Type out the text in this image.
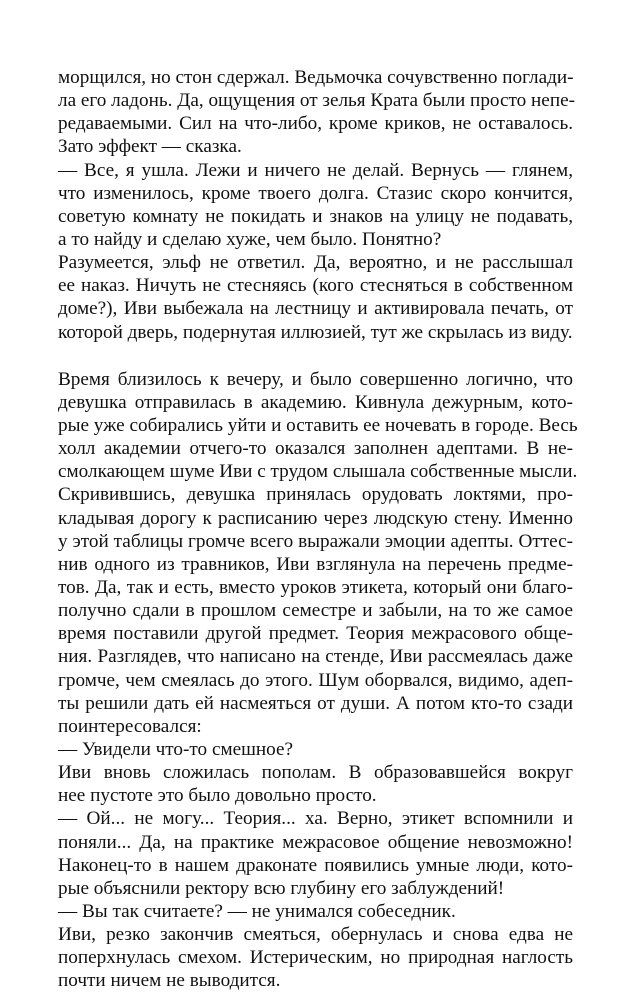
морщился, но стон сдержал. Ведьмочка сочувственно поглади-
ла его ладонь. Да, ощущения от зелья Крата были просто непе-
редаваемыми. Сил на что-либо, кроме криков, не оставалось.
Зато эффект — сказка.
— Все, я ушла. Лежи и ничего не делай. Вернусь — глянем,
что изменилось, кроме твоего долга. Стазис скоро кончится,
советую комнату не покидать и знаков на улицу не подавать,
а то найду и сделаю хуже, чем было. Понятно?
Разумеется, эльф не ответил. Да, вероятно, и не расслышал
ее наказ. Ничуть не стесняясь (кого стесняться в собственном
доме?), Иви выбежала на лестницу и активировала печать, от
которой дверь, подернутая иллюзией, тут же скрылась из виду.
Время близилось к вечеру, и было совершенно логично, что
девушка отправилась в академию. Кивнула дежурным, кото-
рые уже собирались уйти и оставить ее ночевать в городе. Весь
холл академии отчего-то оказался заполнен адептами. В не-
смолкающем шуме Иви с трудом слышала собственные мысли.
Скривившись, девушка принялась орудовать локтями, про-
кладывая дорогу к расписанию через людскую стену. Именно
у этой таблицы громче всего выражали эмоции адепты. Оттес-
нив одного из травников, Иви взглянула на перечень предме-
тов. Да, так и есть, вместо уроков этикета, который они благо-
получно сдали в прошлом семестре и забыли, на то же самое
время поставили другой предмет. Теория межрасового обще-
ния. Разглядев, что написано на стенде, Иви рассмеялась даже
громче, чем смеялась до этого. Шум оборвался, видимо, адеп-
ты решили дать ей насмеяться от души. А потом кто-то сзади
поинтересовался:
— Увидели что-то смешное?
Иви вновь сложилась пополам. В образовавшейся вокруг
нее пустоте это было довольно просто.
— Ой... не могу... Теория... ха. Верно, этикет вспомнили и
поняли... Да, на практике межрасовое общение невозможно!
Наконец-то в нашем драконате появились умные люди, кото-
рые объяснили ректору всю глубину его заблуждений!
— Вы так считаете? — не унимался собеседник.
Иви, резко закончив смеяться, обернулась и снова едва не
поперхнулась смехом. Истерическим, но природная наглость
почти ничем не выводится.
